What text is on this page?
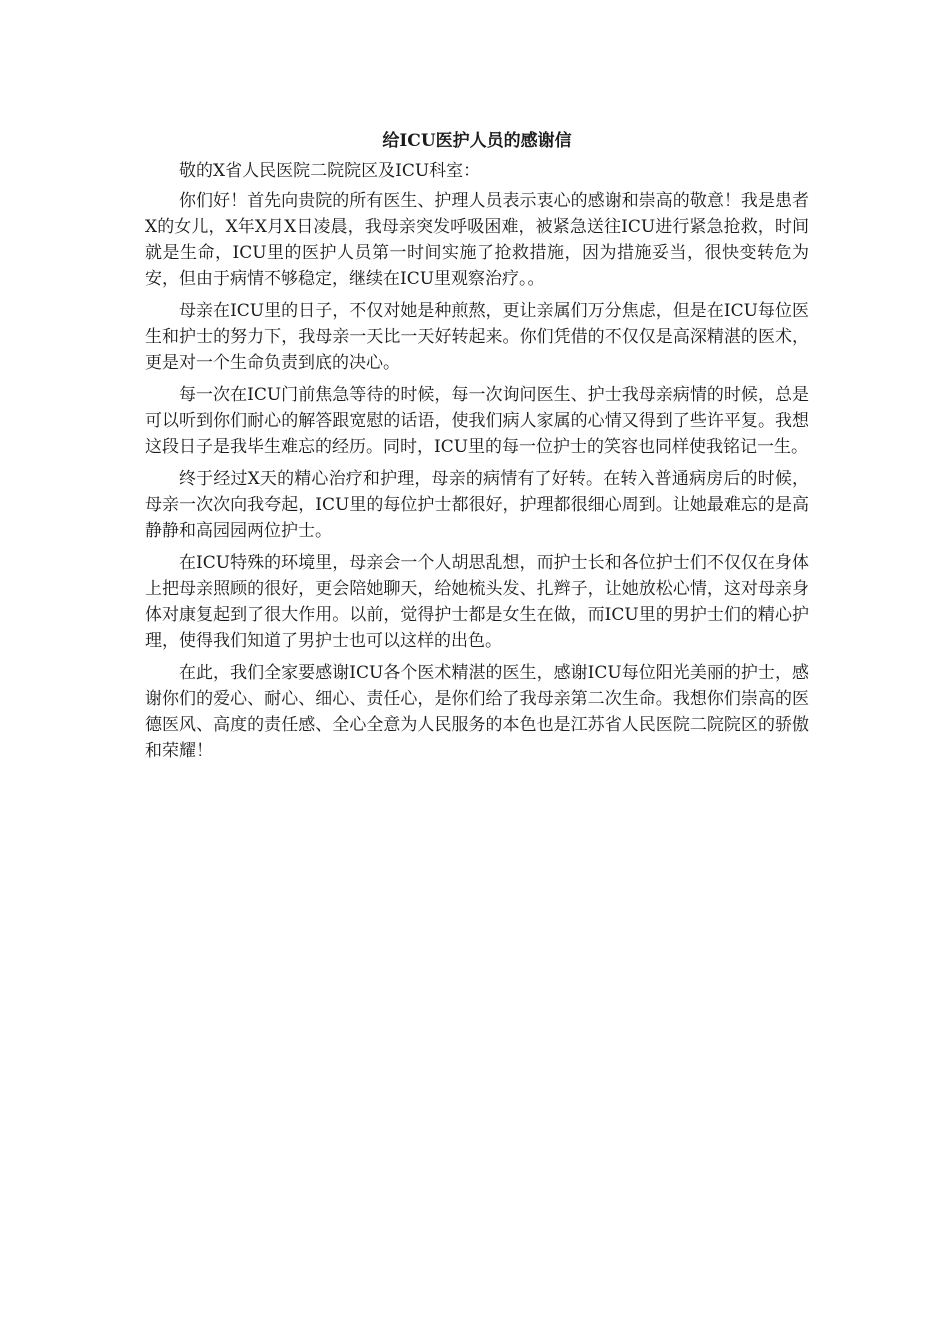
给ICU医护人员的感谢信
敬的X省人民医院二院院区及ICU科室：
你们好！首先向贵院的所有医生、护理人员表示衷心的感谢和崇高的敬意！我是患者X的女儿，X年X月X日凌晨，我母亲突发呼吸困难，被紧急送往ICU进行紧急抢救，时间就是生命，ICU里的医护人员第一时间实施了抢救措施，因为措施妥当，很快变转危为安，但由于病情不够稳定，继续在ICU里观察治疗。。
母亲在ICU里的日子，不仅对她是种煎熬，更让亲属们万分焦虑，但是在ICU每位医生和护士的努力下，我母亲一天比一天好转起来。你们凭借的不仅仅是高深精湛的医术，更是对一个生命负责到底的决心。
每一次在ICU门前焦急等待的时候，每一次询问医生、护士我母亲病情的时候，总是可以听到你们耐心的解答跟宽慰的话语，使我们病人家属的心情又得到了些许平复。我想这段日子是我毕生难忘的经历。同时，ICU里的每一位护士的笑容也同样使我铭记一生。
终于经过X天的精心治疗和护理，母亲的病情有了好转。在转入普通病房后的时候，母亲一次次向我夸起，ICU里的每位护士都很好，护理都很细心周到。让她最难忘的是高静静和高园园两位护士。
在ICU特殊的环境里，母亲会一个人胡思乱想，而护士长和各位护士们不仅仅在身体上把母亲照顾的很好，更会陪她聊天，给她梳头发、扎辫子，让她放松心情，这对母亲身体对康复起到了很大作用。以前，觉得护士都是女生在做，而ICU里的男护士们的精心护理，使得我们知道了男护士也可以这样的出色。
在此，我们全家要感谢ICU各个医术精湛的医生，感谢ICU每位阳光美丽的护士，感谢你们的爱心、耐心、细心、责任心，是你们给了我母亲第二次生命。我想你们崇高的医德医风、高度的责任感、全心全意为人民服务的本色也是江苏省人民医院二院院区的骄傲和荣耀！
